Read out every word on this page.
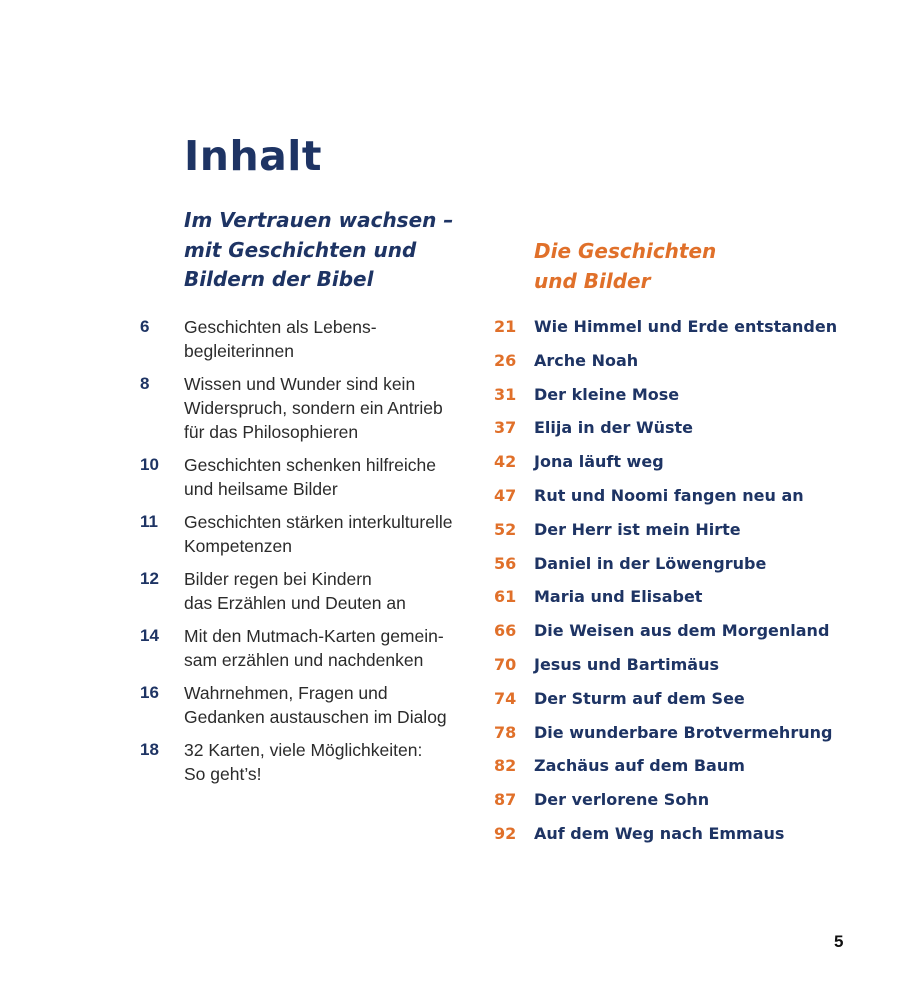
Inhalt
Im Vertrauen wachsen –
mit Geschichten und
Bildern der Bibel
6 Geschichten als Lebens-
begleiterinnen
8 Wissen und Wunder sind kein
Widerspruch, sondern ein Antrieb
für das Philosophieren
10 Geschichten schenken hilfreiche
und heilsame Bilder
11 Geschichten stärken interkulturelle
Kompetenzen
12 Bilder regen bei Kindern
das Erzählen und Deuten an
14 Mit den Mutmach-Karten gemein-
sam erzählen und nachdenken
16 Wahrnehmen, Fragen und
Gedanken austauschen im Dialog
18 32 Karten, viele Möglichkeiten:
So geht’s!
Die Geschichten
und Bilder
21 Wie Himmel und Erde entstanden
26 Arche Noah
31 Der kleine Mose
37 Elija in der Wüste
42 Jona läuft weg
47 Rut und Noomi fangen neu an
52 Der Herr ist mein Hirte
56 Daniel in der Löwengrube
61 Maria und Elisabet
66 Die Weisen aus dem Morgenland
70 Jesus und Bartimäus
74 Der Sturm auf dem See
78 Die wunderbare Brotvermehrung
82 Zachäus auf dem Baum
87 Der verlorene Sohn
92 Auf dem Weg nach Emmaus
5
